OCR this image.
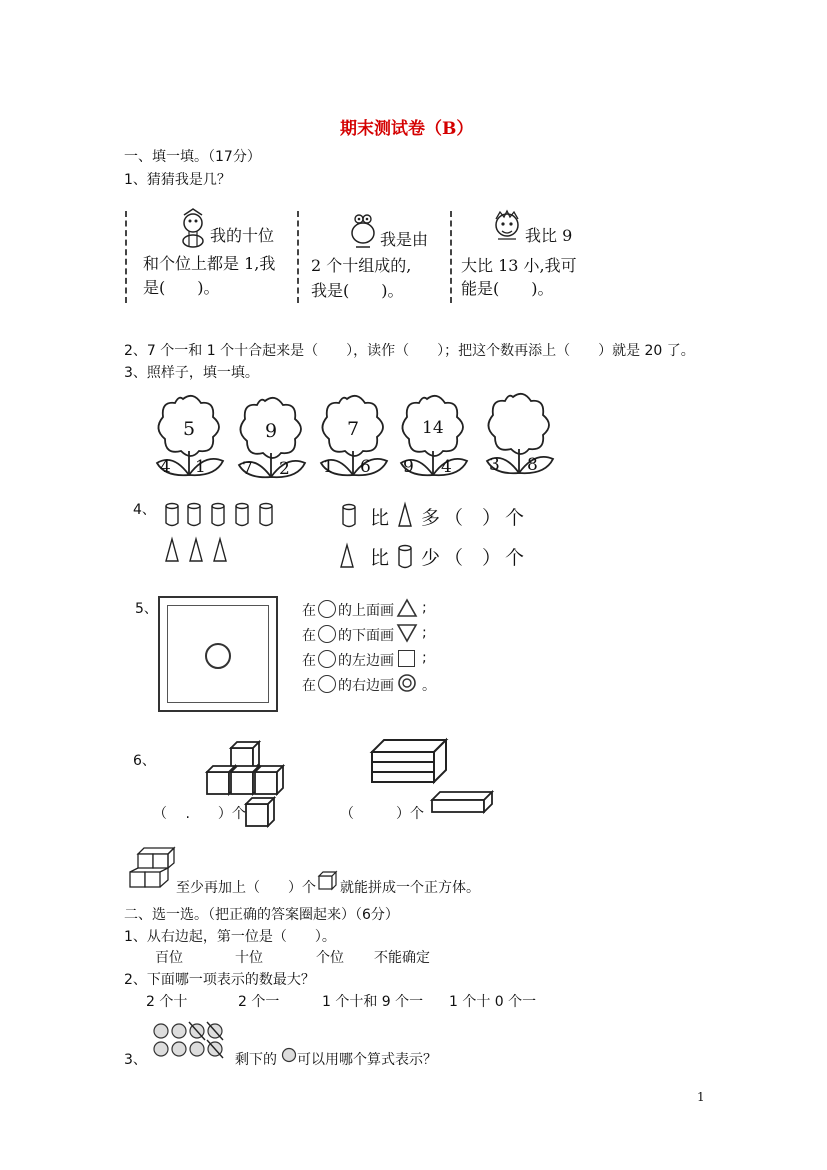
期末测试卷（B）
一、填一填。（17分）
1、猜猜我是几？
我的十位
和个位上都是 1,我
是(　　)。
我是由
2 个十组成的,
我是(　　)。
我比 9
大比 13 小,我可
能是(　　)。
2、7 个一和 1 个十合起来是（　　），读作（　　）；把这个数再添上（　　）就是 20 了。
3、照样子，填一填。
5
4 1
9
7 2
7
1 6
14
9 4 3 8
4、	比 多 （　） 个
比 少 （　） 个
5、	在 的上面画 ;
在 的下面画 ;
在 的左边画 ;
在 的右边画 。
6、
（　 .　　）个	（　　　）个
至少再加上（　　）个 就能拼成一个正方体。
二、选一选。（把正确的答案圈起来）（6分）
1、从右边起，第一位是（　　）。
百位	十位	个位 不能确定
2、下面哪一项表示的数最大？
2 个十	2 个一	1 个十和 9 个一 1 个十 0 个一
3、	剩下的 可以用哪个算式表示？
1
